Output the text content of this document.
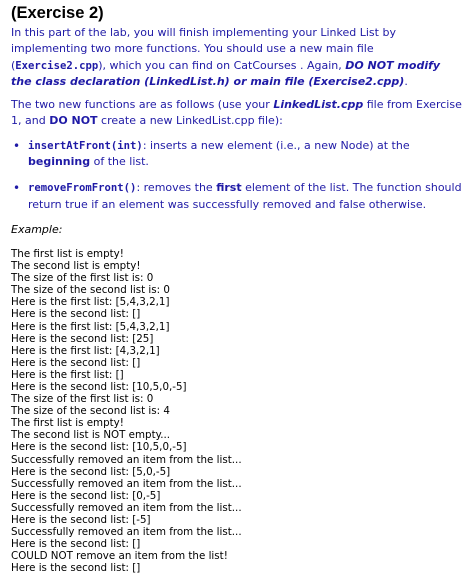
(Exercise 2)

In this part of the lab, you will finish implementing your Linked List by implementing two more functions. You should use a new main file (Exercise2.cpp), which you can find on CatCourses . Again, DO NOT modify the class declaration (LinkedList.h) or main file (Exercise2.cpp).

The two new functions are as follows (use your LinkedList.cpp file from Exercise 1, and DO NOT create a new LinkedList.cpp file):

• insertAtFront(int): inserts a new element (i.e., a new Node) at the beginning of the list.
• removeFromFront(): removes the first element of the list. The function should return true if an element was successfully removed and false otherwise.

Example:

The first list is empty!
The second list is empty!
The size of the first list is: 0
The size of the second list is: 0
Here is the first list: [5,4,3,2,1]
Here is the second list: []
Here is the first list: [5,4,3,2,1]
Here is the second list: [25]
Here is the first list: [4,3,2,1]
Here is the second list: []
Here is the first list: []
Here is the second list: [10,5,0,-5]
The size of the first list is: 0
The size of the second list is: 4
The first list is empty!
The second list is NOT empty...
Here is the second list: [10,5,0,-5]
Successfully removed an item from the list...
Here is the second list: [5,0,-5]
Successfully removed an item from the list...
Here is the second list: [0,-5]
Successfully removed an item from the list...
Here is the second list: [-5]
Successfully removed an item from the list...
Here is the second list: []
COULD NOT remove an item from the list!
Here is the second list: []
